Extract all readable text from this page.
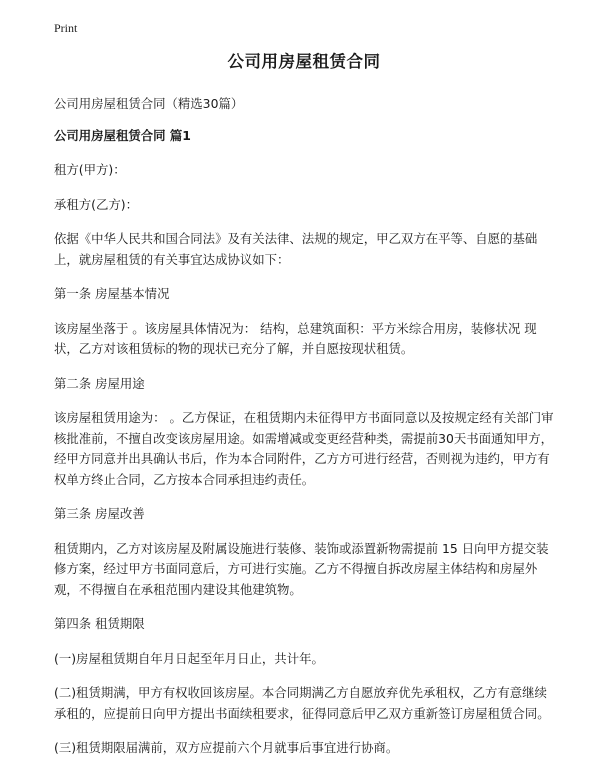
Print
公司用房屋租赁合同

公司用房屋租赁合同（精选30篇）

公司用房屋租赁合同 篇1

租方(甲方)：

承租方(乙方)：

依据《中华人民共和国合同法》及有关法律、法规的规定，甲乙双方在平等、自愿的基础上，就房屋租赁的有关事宜达成协议如下：

第一条 房屋基本情况

该房屋坐落于 。该房屋具体情况为： 结构，总建筑面积：平方米综合用房，装修状况 现状，乙方对该租赁标的物的现状已充分了解，并自愿按现状租赁。

第二条 房屋用途

该房屋租赁用途为： 。乙方保证，在租赁期内未征得甲方书面同意以及按规定经有关部门审核批准前，不擅自改变该房屋用途。如需增减或变更经营种类，需提前30天书面通知甲方，经甲方同意并出具确认书后，作为本合同附件，乙方方可进行经营，否则视为违约，甲方有权单方终止合同，乙方按本合同承担违约责任。

第三条 房屋改善

租赁期内，乙方对该房屋及附属设施进行装修、装饰或添置新物需提前 15 日向甲方提交装修方案，经过甲方书面同意后，方可进行实施。乙方不得擅自拆改房屋主体结构和房屋外观，不得擅自在承租范围内建设其他建筑物。

第四条 租赁期限

(一)房屋租赁期自年月日起至年月日止，共计年。

(二)租赁期满，甲方有权收回该房屋。本合同期满乙方自愿放弃优先承租权，乙方有意继续承租的，应提前日向甲方提出书面续租要求，征得同意后甲乙双方重新签订房屋租赁合同。

(三)租赁期限届满前，双方应提前六个月就事后事宜进行协商。
